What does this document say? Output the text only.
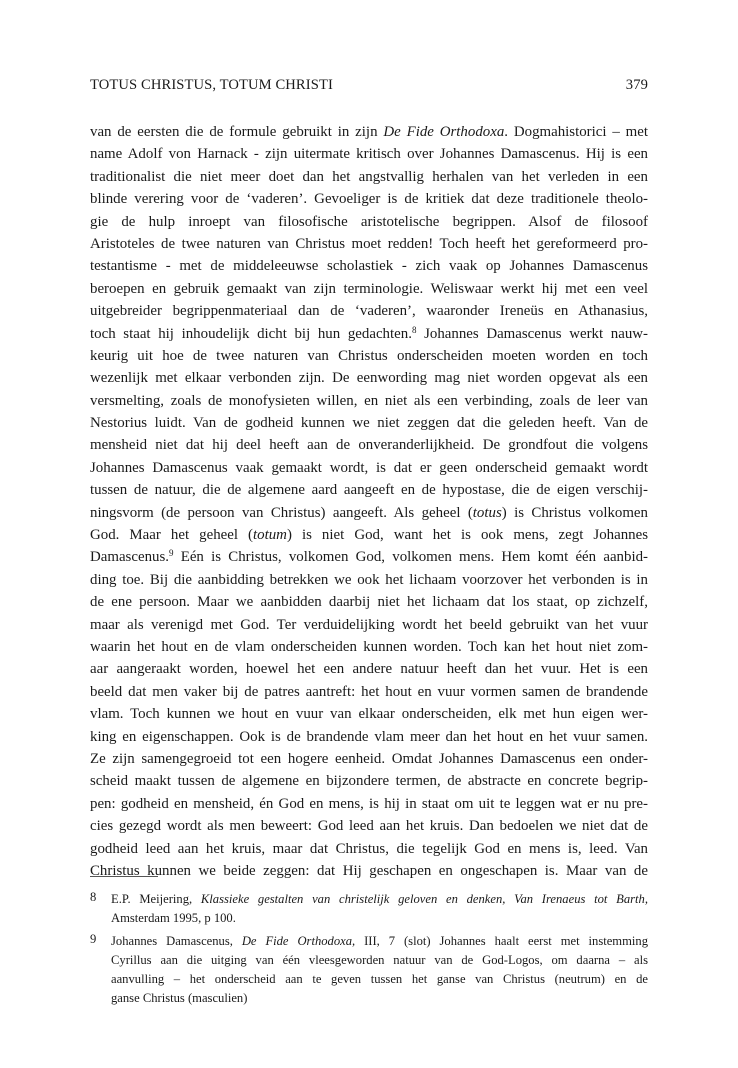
TOTUS CHRISTUS, TOTUM CHRISTI	379
van de eersten die de formule gebruikt in zijn De Fide Orthodoxa. Dogmahistorici – met
name Adolf von Harnack - zijn uitermate kritisch over Johannes Damascenus. Hij is een
traditionalist die niet meer doet dan het angstvallig herhalen van het verleden in een
blinde verering voor de ‘vaderen’. Gevoeliger is de kritiek dat deze traditionele theolo-
gie de hulp inroept van filosofische aristotelische begrippen. Alsof de filosoof
Aristoteles de twee naturen van Christus moet redden! Toch heeft het gereformeerd pro-
testantisme - met de middeleeuwse scholastiek - zich vaak op Johannes Damascenus
beroepen en gebruik gemaakt van zijn terminologie. Weliswaar werkt hij met een veel
uitgebreider begrippenmateriaal dan de ‘vaderen’, waaronder Ireneüs en Athanasius,
toch staat hij inhoudelijk dicht bij hun gedachten.$^8$ Johannes Damascenus werkt nauw-
keurig uit hoe de twee naturen van Christus onderscheiden moeten worden en toch
wezenlijk met elkaar verbonden zijn. De eenwording mag niet worden opgevat als een
versmelting, zoals de monofysieten willen, en niet als een verbinding, zoals de leer van
Nestorius luidt. Van de godheid kunnen we niet zeggen dat die geleden heeft. Van de
mensheid niet dat hij deel heeft aan de onveranderlijkheid. De grondfout die volgens
Johannes Damascenus vaak gemaakt wordt, is dat er geen onderscheid gemaakt wordt
tussen de natuur, die de algemene aard aangeeft en de hypostase, die de eigen verschij-
ningsvorm (de persoon van Christus) aangeeft. Als geheel (totus) is Christus volkomen
God. Maar het geheel (totum) is niet God, want het is ook mens, zegt Johannes
Damascenus.$^9$ Eén is Christus, volkomen God, volkomen mens. Hem komt één aanbid-
ding toe. Bij die aanbidding betrekken we ook het lichaam voorzover het verbonden is in
de ene persoon. Maar we aanbidden daarbij niet het lichaam dat los staat, op zichzelf,
maar als verenigd met God. Ter verduidelijking wordt het beeld gebruikt van het vuur
waarin het hout en de vlam onderscheiden kunnen worden. Toch kan het hout niet zom-
aar aangeraakt worden, hoewel het een andere natuur heeft dan het vuur. Het is een
beeld dat men vaker bij de patres aantreft: het hout en vuur vormen samen de brandende
vlam. Toch kunnen we hout en vuur van elkaar onderscheiden, elk met hun eigen wer-
king en eigenschappen. Ook is de brandende vlam meer dan het hout en het vuur samen.
Ze zijn samengegroeid tot een hogere eenheid. Omdat Johannes Damascenus een onder-
scheid maakt tussen de algemene en bijzondere termen, de abstracte en concrete begrip-
pen: godheid en mensheid, én God en mens, is hij in staat om uit te leggen wat er nu pre-
cies gezegd wordt als men beweert: God leed aan het kruis. Dan bedoelen we niet dat de
godheid leed aan het kruis, maar dat Christus, die tegelijk God en mens is, leed. Van
Christus kunnen we beide zeggen: dat Hij geschapen en ongeschapen is. Maar van de
8 E.P. Meijering, Klassieke gestalten van christelijk geloven en denken, Van Irenaeus tot Barth,
Amsterdam 1995, p 100.
9 Johannes Damascenus, De Fide Orthodoxa, III, 7 (slot) Johannes haalt eerst met instemming
Cyrillus aan die uitging van één vleesgeworden natuur van de God-Logos, om daarna – als
aanvulling – het onderscheid aan te geven tussen het ganse van Christus (neutrum) en de
ganse Christus (masculien)
